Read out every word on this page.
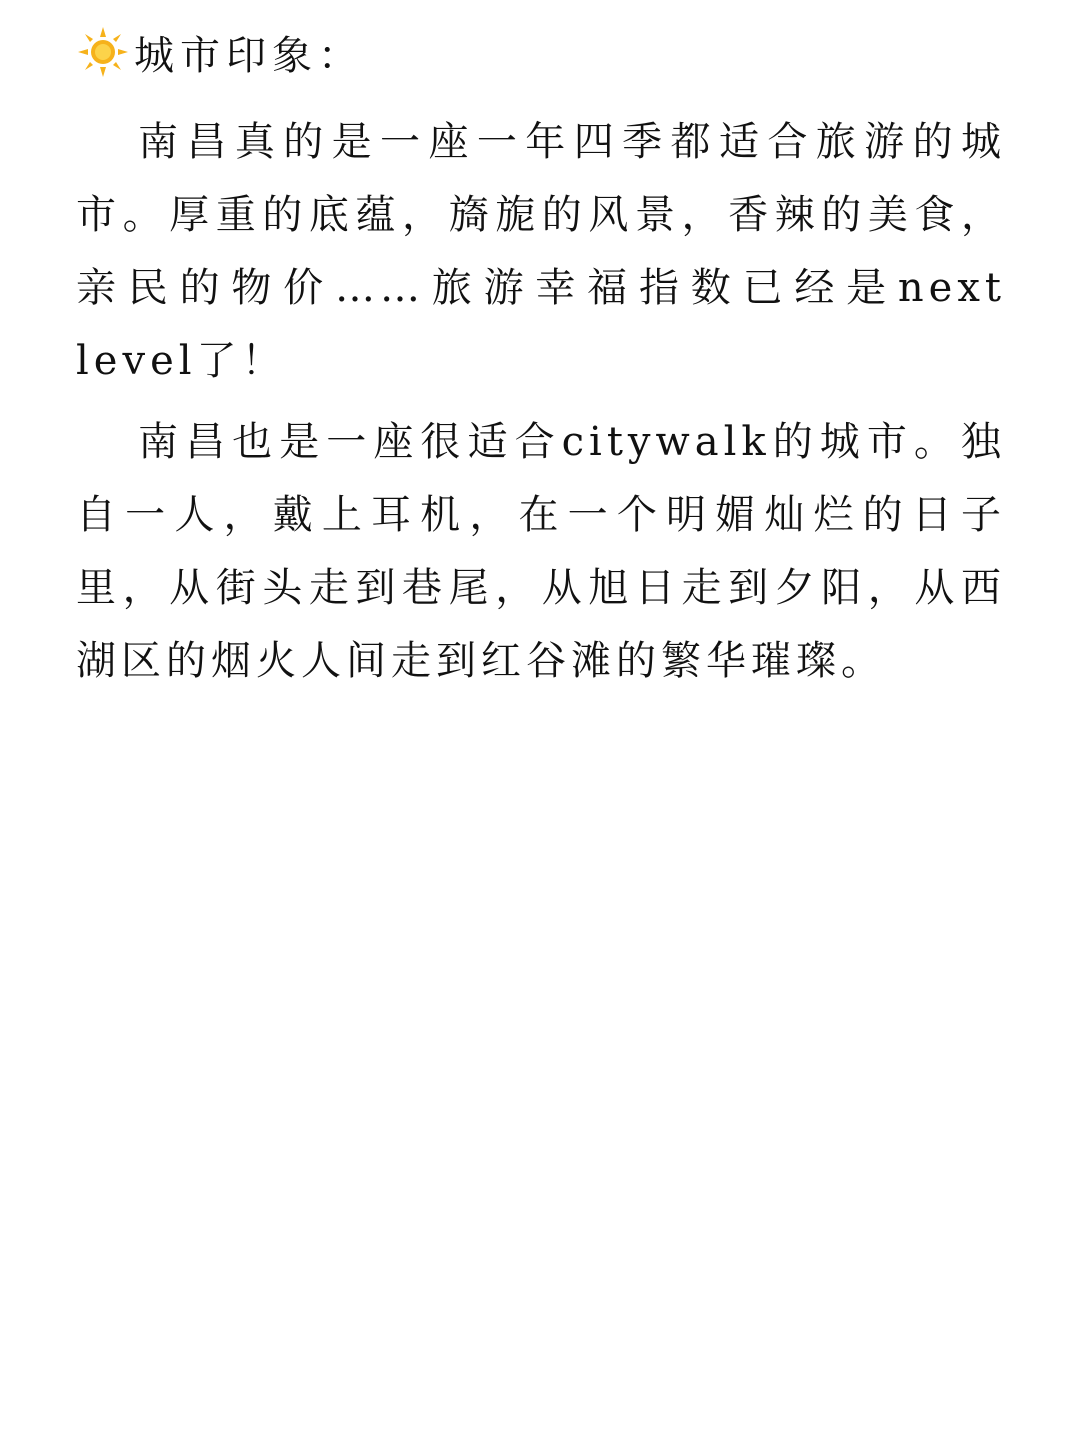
城市印象：

南昌真的是一座一年四季都适合旅游的城市。厚重的底蕴，旖旎的风景，香辣的美食，亲民的物价……旅游幸福指数已经是next level了！

南昌也是一座很适合citywalk的城市。独自一人，戴上耳机，在一个明媚灿烂的日子里，从街头走到巷尾，从旭日走到夕阳，从西湖区的烟火人间走到红谷滩的繁华璀璨。
